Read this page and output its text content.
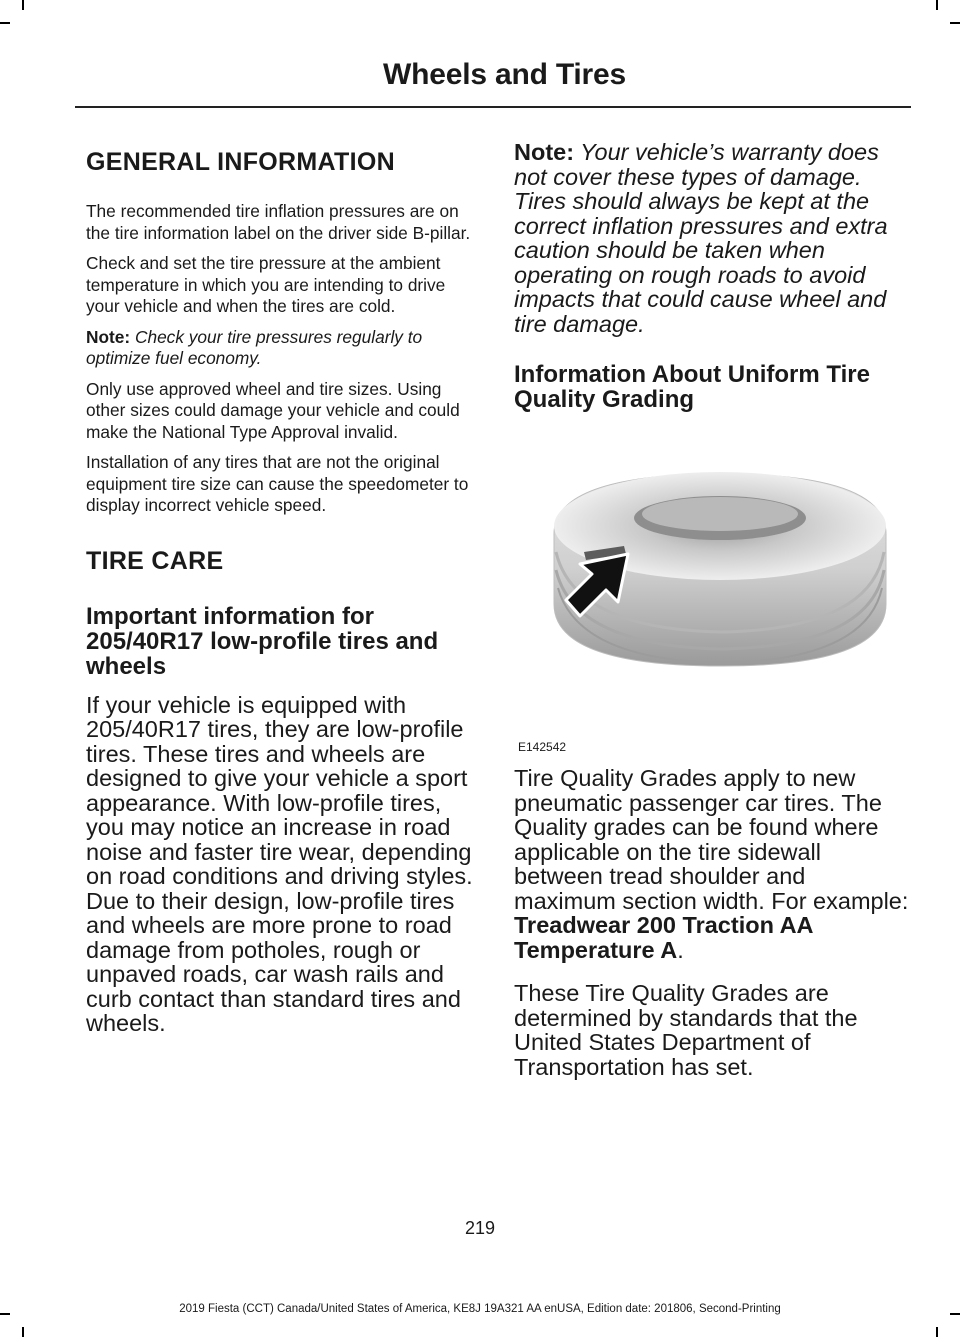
Wheels and Tires
GENERAL INFORMATION

The recommended tire inflation pressures are on the tire information label on the driver side B-pillar.

Check and set the tire pressure at the ambient temperature in which you are intending to drive your vehicle and when the tires are cold.

Note: Check your tire pressures regularly to optimize fuel economy.

Only use approved wheel and tire sizes. Using other sizes could damage your vehicle and could make the National Type Approval invalid.

Installation of any tires that are not the original equipment tire size can cause the speedometer to display incorrect vehicle speed.

TIRE CARE
Important information for 205/40R17 low-profile tires and wheels

If your vehicle is equipped with 205/40R17 tires, they are low-profile tires. These tires and wheels are designed to give your vehicle a sport appearance. With low-profile tires, you may notice an increase in road noise and faster tire wear, depending on road conditions and driving styles. Due to their design, low-profile tires and wheels are more prone to road damage from potholes, rough or unpaved roads, car wash rails and curb contact than standard tires and wheels.

Note: Your vehicle’s warranty does not cover these types of damage. Tires should always be kept at the correct inflation pressures and extra caution should be taken when operating on rough roads to avoid impacts that could cause wheel and tire damage.

Information About Uniform Tire Quality Grading
E142542

Tire Quality Grades apply to new pneumatic passenger car tires. The Quality grades can be found where applicable on the tire sidewall between tread shoulder and maximum section width. For example: Treadwear 200 Traction AA Temperature A.

These Tire Quality Grades are determined by standards that the United States Department of Transportation has set.

219
2019 Fiesta (CCT) Canada/United States of America, KE8J 19A321 AA enUSA, Edition date: 201806, Second-Printing
